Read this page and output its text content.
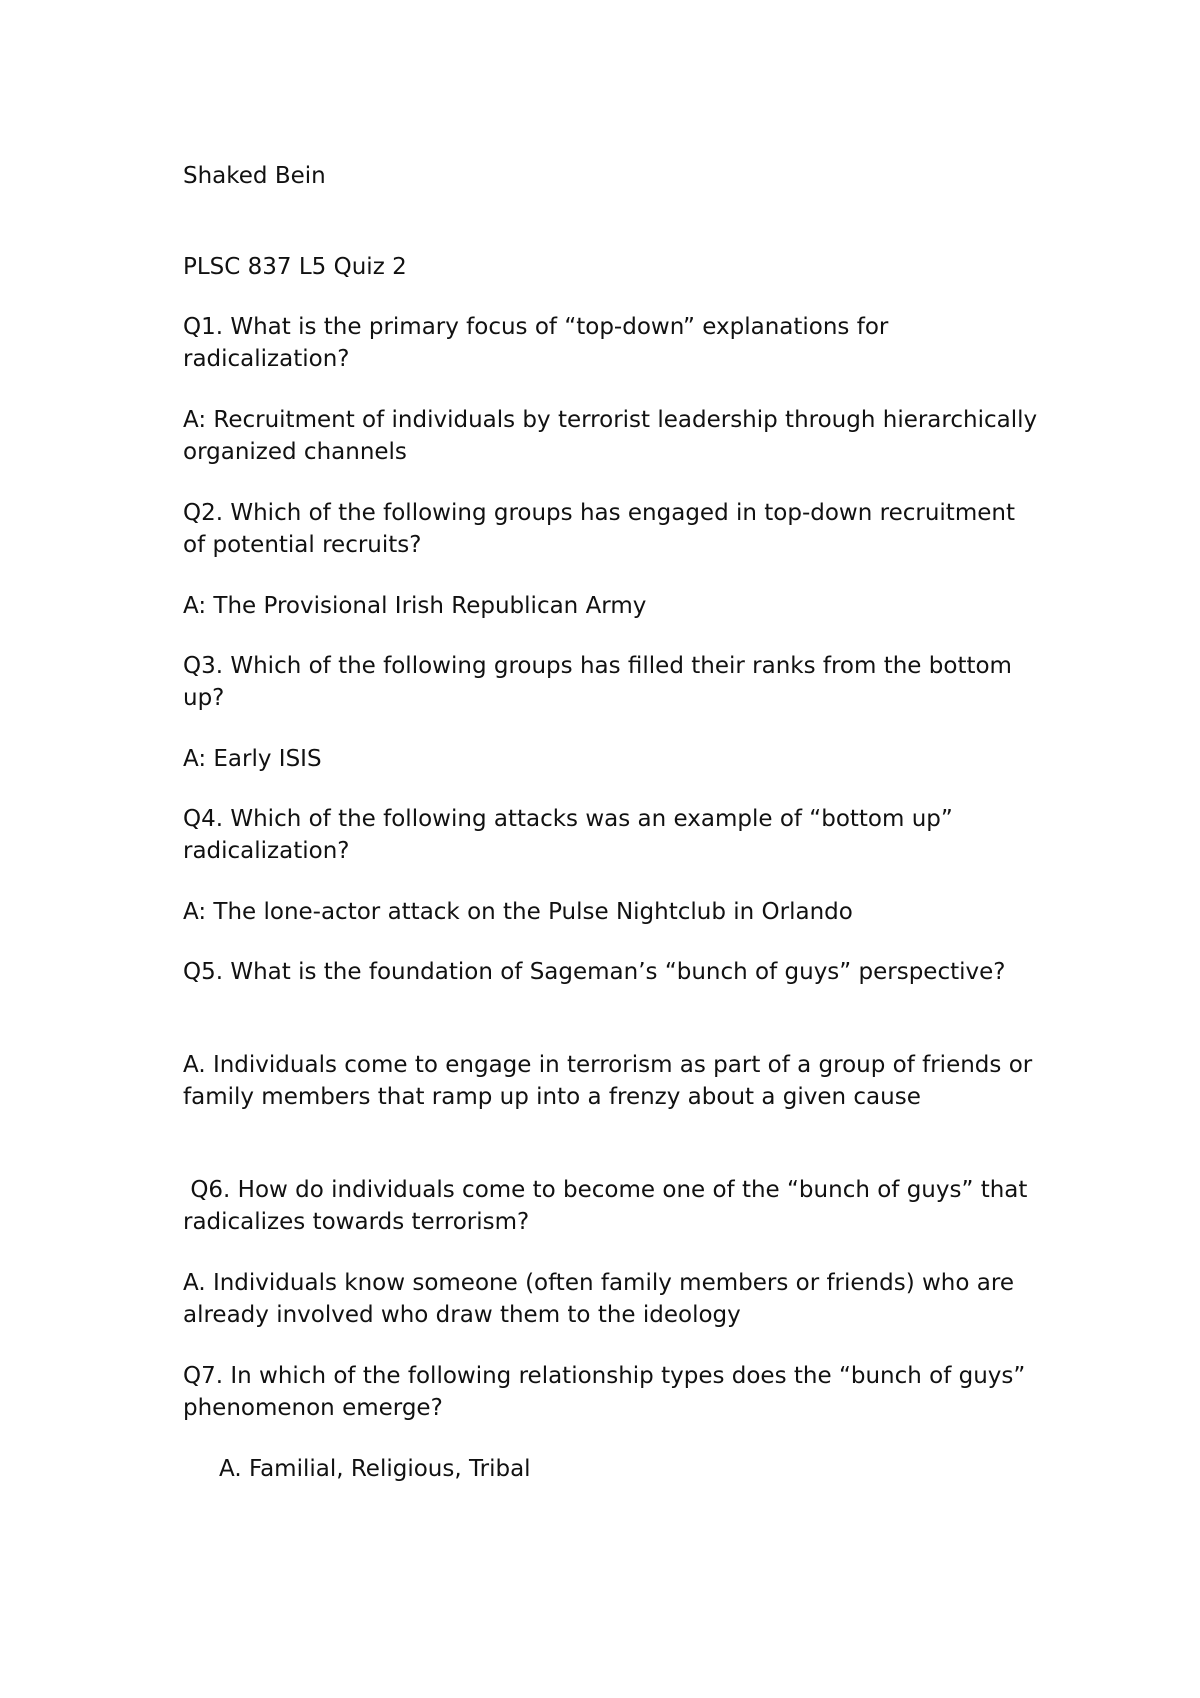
Shaked Bein

PLSC 837 L5 Quiz 2

Q1. What is the primary focus of “top-down” explanations for radicalization?

A: Recruitment of individuals by terrorist leadership through hierarchically organized channels

Q2. Which of the following groups has engaged in top-down recruitment of potential recruits?

A: The Provisional Irish Republican Army

Q3. Which of the following groups has filled their ranks from the bottom up?

A: Early ISIS

Q4. Which of the following attacks was an example of “bottom up” radicalization?

A: The lone-actor attack on the Pulse Nightclub in Orlando

Q5. What is the foundation of Sageman’s “bunch of guys” perspective?

A. Individuals come to engage in terrorism as part of a group of friends or family members that ramp up into a frenzy about a given cause

Q6. How do individuals come to become one of the “bunch of guys” that radicalizes towards terrorism?

A. Individuals know someone (often family members or friends) who are already involved who draw them to the ideology

Q7. In which of the following relationship types does the “bunch of guys” phenomenon emerge?

A. Familial, Religious, Tribal
